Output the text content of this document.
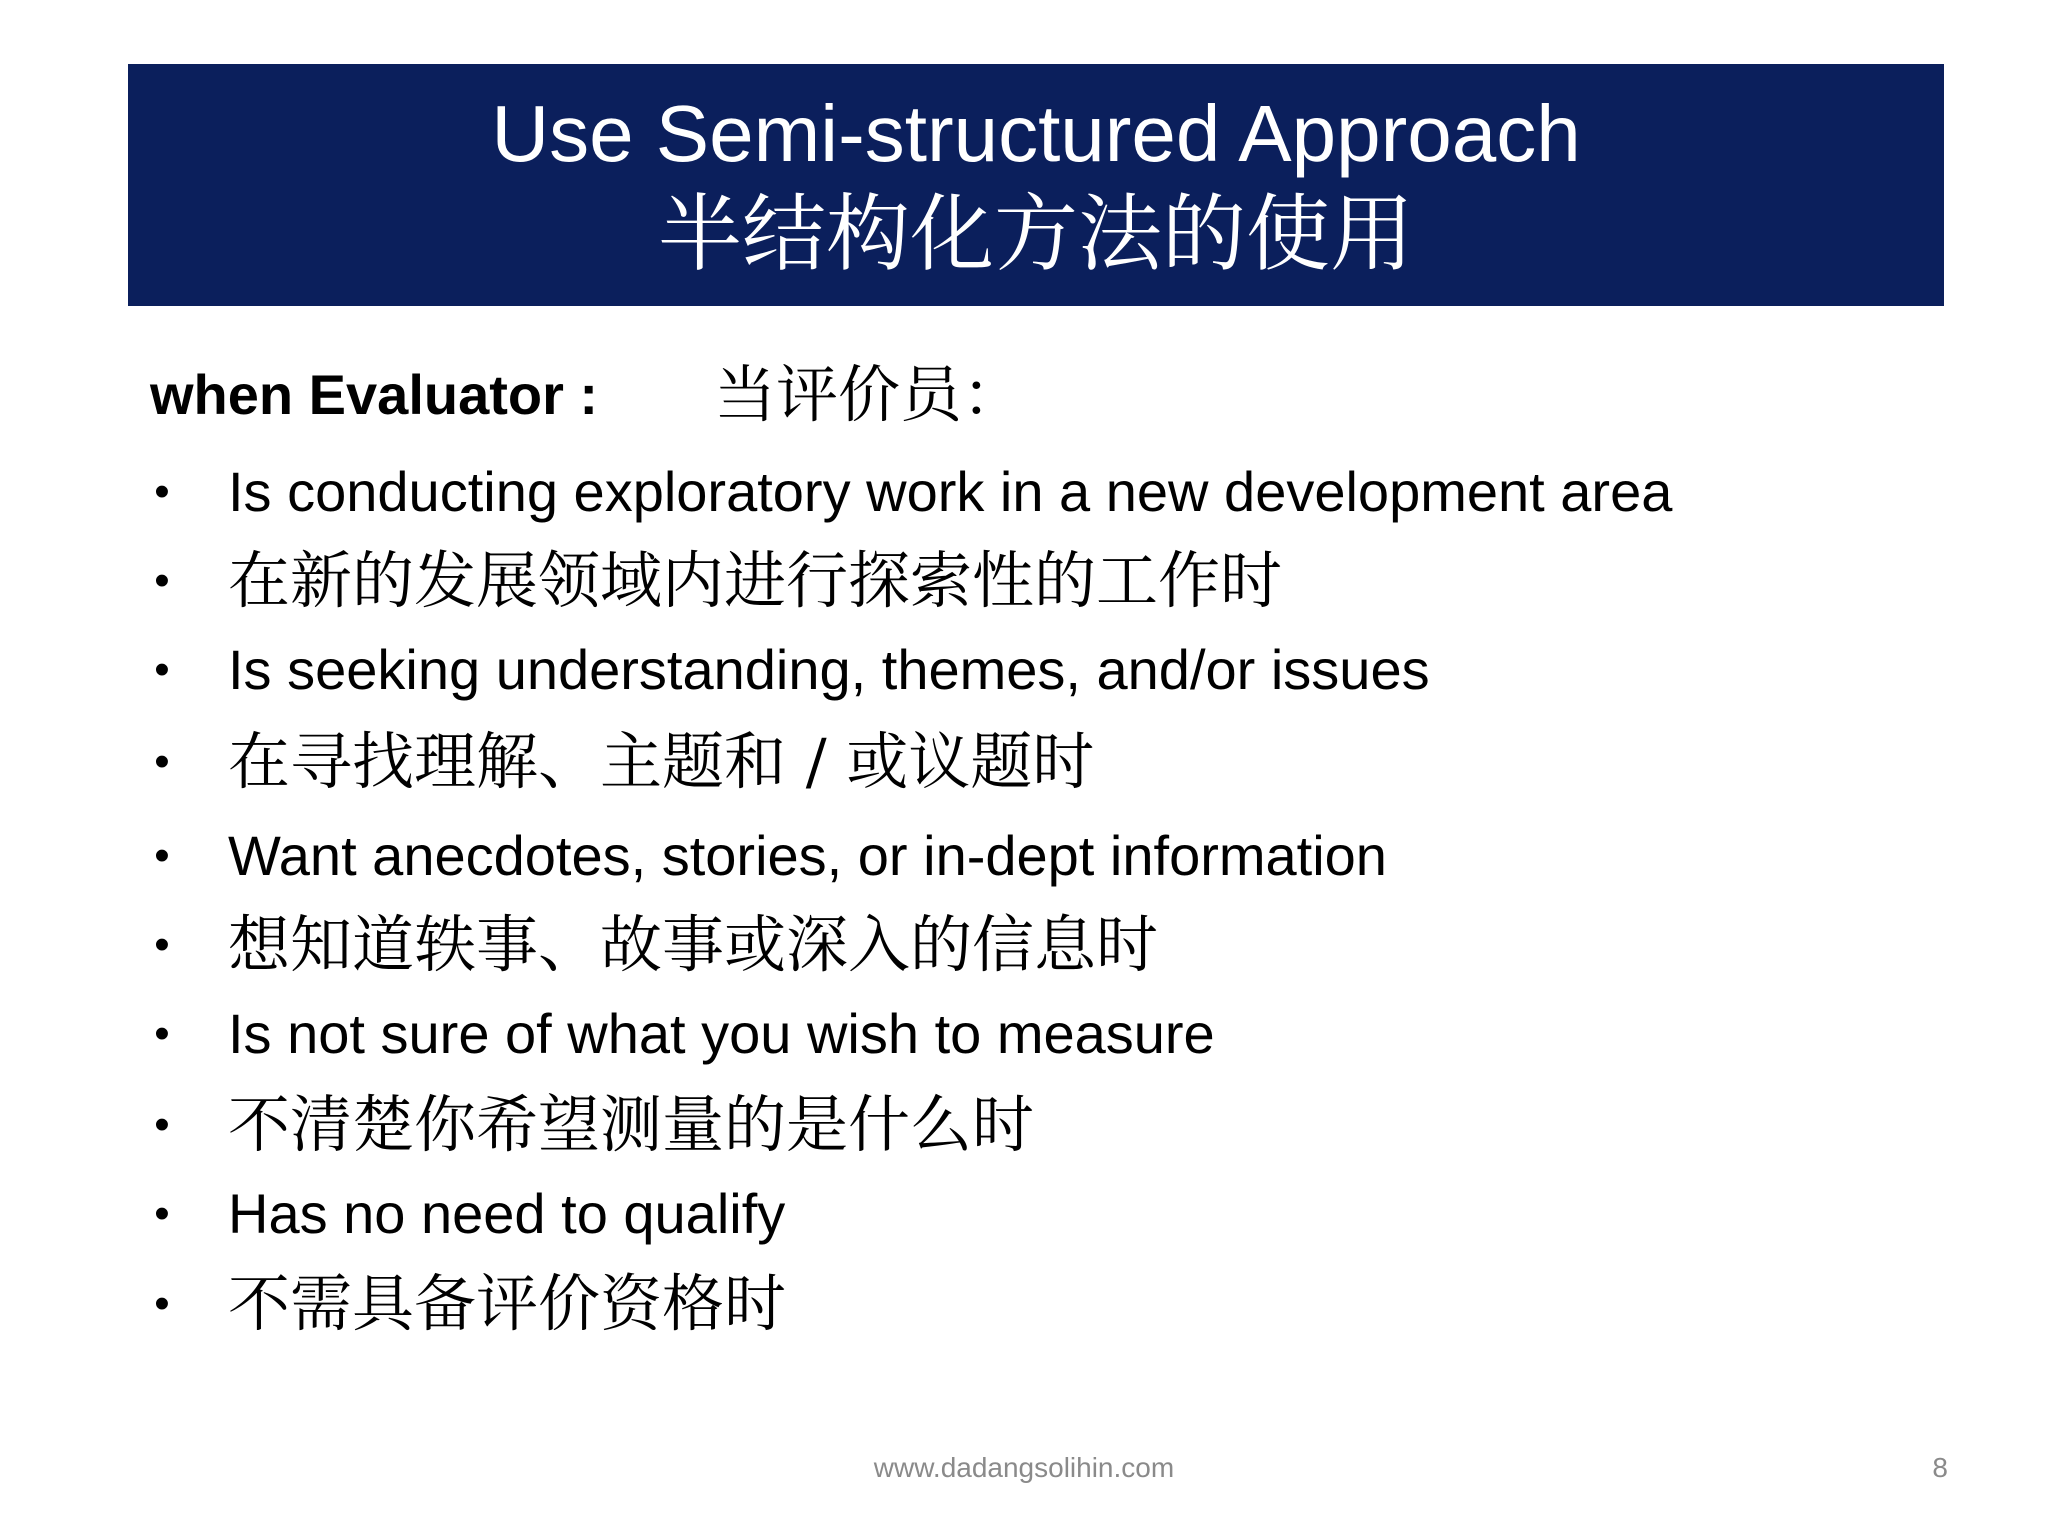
Use Semi-structured Approach
半结构化方法的使用
when Evaluator : 当评价员：
• Is conducting exploratory work in a new development area
• 在新的发展领域内进行探索性的工作时
• Is seeking understanding, themes, and/or issues
• 在寻找理解、主题和 / 或议题时
• Want anecdotes, stories, or in-dept information
• 想知道轶事、故事或深入的信息时
• Is not sure of what you wish to measure
• 不清楚你希望测量的是什么时
• Has no need to qualify
• 不需具备评价资格时
www.dadangsolihin.com	8
